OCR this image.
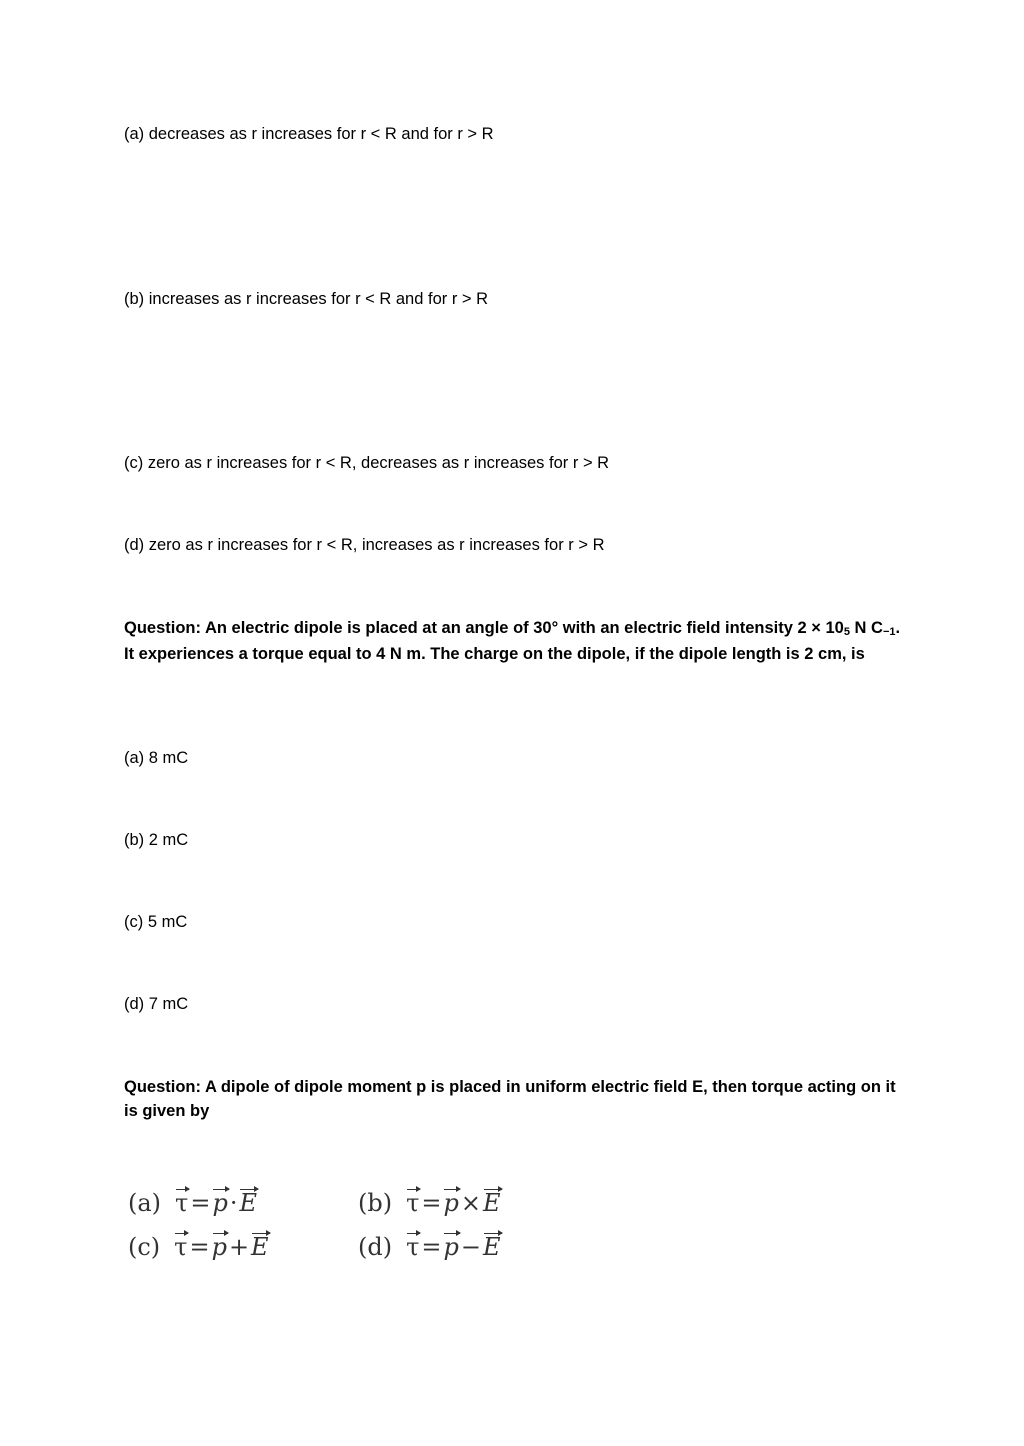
(a) decreases as r increases for r < R and for r > R
(b) increases as r increases for r < R and for r > R
(c) zero as r increases for r < R, decreases as r increases for r > R
(d) zero as r increases for r < R, increases as r increases for r > R
Question: An electric dipole is placed at an angle of 30° with an electric field intensity 2 × 105 N C−1. It experiences a torque equal to 4 N m. The charge on the dipole, if the dipole length is 2 cm, is
(a) 8 mC
(b) 2 mC
(c) 5 mC
(d) 7 mC
Question: A dipole of dipole moment p is placed in uniform electric field E, then torque acting on it is given by
(a) τ=p·E	(b) τ=p×E
(c) τ=p+E	(d) τ=p−E
